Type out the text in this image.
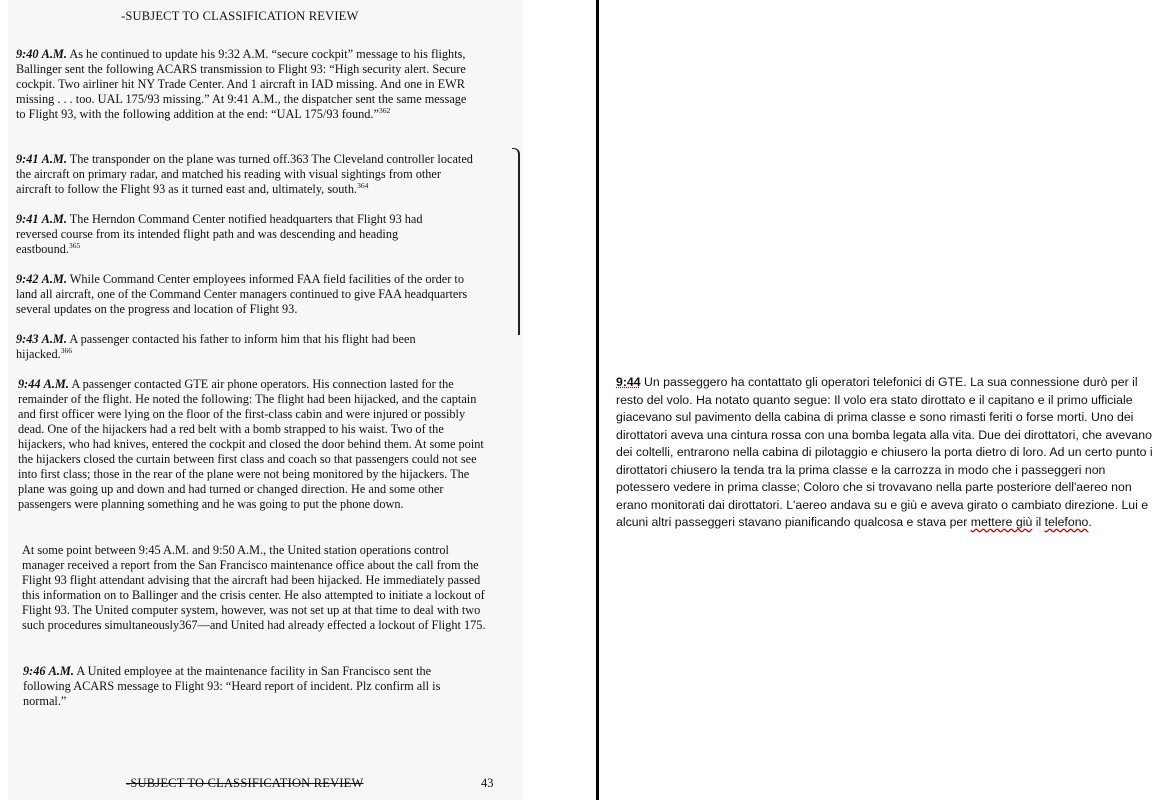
-SUBJECT TO CLASSIFICATION REVIEW

9:40 A.M. As he continued to update his 9:32 A.M. “secure cockpit” message to his flights, Ballinger sent the following ACARS transmission to Flight 93: “High security alert. Secure cockpit. Two airliner hit NY Trade Center. And 1 aircraft in IAD missing. And one in EWR missing . . . too. UAL 175/93 missing.” At 9:41 A.M., the dispatcher sent the same message to Flight 93, with the following addition at the end: “UAL 175/93 found.”$^{362}$

9:41 A.M. The transponder on the plane was turned off.363 The Cleveland controller located the aircraft on primary radar, and matched his reading with visual sightings from other aircraft to follow the Flight 93 as it turned east and, ultimately, south.$^{364}$

9:41 A.M. The Herndon Command Center notified headquarters that Flight 93 had reversed course from its intended flight path and was descending and heading eastbound.$^{365}$

9:42 A.M. While Command Center employees informed FAA field facilities of the order to land all aircraft, one of the Command Center managers continued to give FAA headquarters several updates on the progress and location of Flight 93.

9:43 A.M. A passenger contacted his father to inform him that his flight had been hijacked.$^{366}$

9:44 A.M. A passenger contacted GTE air phone operators. His connection lasted for the remainder of the flight. He noted the following: The flight had been hijacked, and the captain and first officer were lying on the floor of the first-class cabin and were injured or possibly dead. One of the hijackers had a red belt with a bomb strapped to his waist. Two of the hijackers, who had knives, entered the cockpit and closed the door behind them. At some point the hijackers closed the curtain between first class and coach so that passengers could not see into first class; those in the rear of the plane were not being monitored by the hijackers. The plane was going up and down and had turned or changed direction. He and some other passengers were planning something and he was going to put the phone down.

At some point between 9:45 A.M. and 9:50 A.M., the United station operations control manager received a report from the San Francisco maintenance office about the call from the Flight 93 flight attendant advising that the aircraft had been hijacked. He immediately passed this information on to Ballinger and the crisis center. He also attempted to initiate a lockout of Flight 93. The United computer system, however, was not set up at that time to deal with two such procedures simultaneously367—and United had already effected a lockout of Flight 175.

9:46 A.M. A United employee at the maintenance facility in San Francisco sent the following ACARS message to Flight 93: “Heard report of incident. Plz confirm all is normal.”

-SUBJECT TO CLASSIFICATION REVIEW	43
9:44 Un passeggero ha contattato gli operatori telefonici di GTE. La sua connessione durò per il resto del volo. Ha notato quanto segue: Il volo era stato dirottato e il capitano e il primo ufficiale giacevano sul pavimento della cabina di prima classe e sono rimasti feriti o forse morti. Uno dei dirottatori aveva una cintura rossa con una bomba legata alla vita. Due dei dirottatori, che avevano dei coltelli, entrarono nella cabina di pilotaggio e chiusero la porta dietro di loro. Ad un certo punto i dirottatori chiusero la tenda tra la prima classe e la carrozza in modo che i passeggeri non potessero vedere in prima classe; Coloro che si trovavano nella parte posteriore dell'aereo non erano monitorati dai dirottatori. L'aereo andava su e giù e aveva girato o cambiato direzione. Lui e alcuni altri passeggeri stavano pianificando qualcosa e stava per mettere giù il telefono.
